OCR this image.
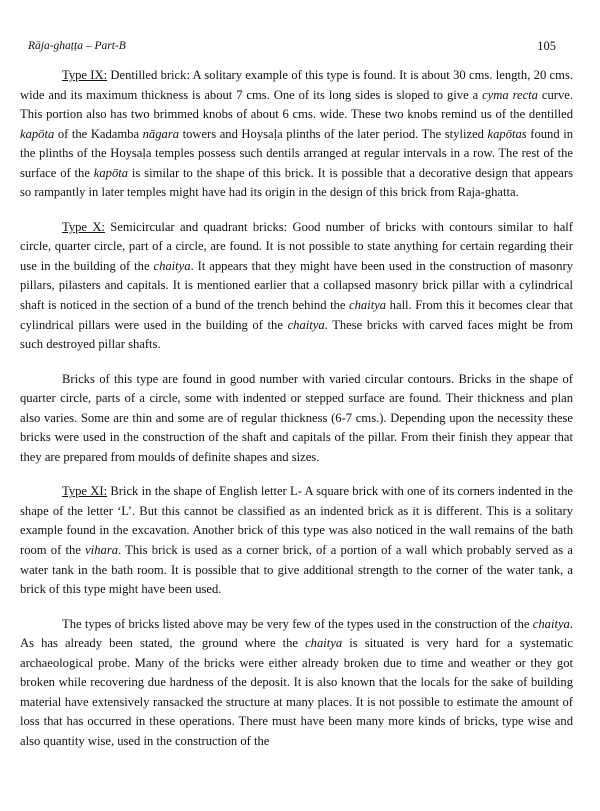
Rāja-ghaṭṭa – Part-B	105

Type IX: Dentilled brick: A solitary example of this type is found. It is about 30 cms. length, 20 cms. wide and its maximum thickness is about 7 cms. One of its long sides is sloped to give a cyma recta curve. This portion also has two brimmed knobs of about 6 cms. wide. These two knobs remind us of the dentilled kapōta of the Kadamba nāgara towers and Hoysaḷa plinths of the later period. The stylized kapōtas found in the plinths of the Hoysaḷa temples possess such dentils arranged at regular intervals in a row. The rest of the surface of the kapōta is similar to the shape of this brick. It is possible that a decorative design that appears so rampantly in later temples might have had its origin in the design of this brick from Raja-ghatta.

Type X: Semicircular and quadrant bricks: Good number of bricks with contours similar to half circle, quarter circle, part of a circle, are found. It is not possible to state anything for certain regarding their use in the building of the chaitya. It appears that they might have been used in the construction of masonry pillars, pilasters and capitals. It is mentioned earlier that a collapsed masonry brick pillar with a cylindrical shaft is noticed in the section of a bund of the trench behind the chaitya hall. From this it becomes clear that cylindrical pillars were used in the building of the chaitya. These bricks with carved faces might be from such destroyed pillar shafts.

Bricks of this type are found in good number with varied circular contours. Bricks in the shape of quarter circle, parts of a circle, some with indented or stepped surface are found. Their thickness and plan also varies. Some are thin and some are of regular thickness (6-7 cms.). Depending upon the necessity these bricks were used in the construction of the shaft and capitals of the pillar. From their finish they appear that they are prepared from moulds of definite shapes and sizes.

Type XI: Brick in the shape of English letter L- A square brick with one of its corners indented in the shape of the letter ‘L’. But this cannot be classified as an indented brick as it is different. This is a solitary example found in the excavation. Another brick of this type was also noticed in the wall remains of the bath room of the vihara. This brick is used as a corner brick, of a portion of a wall which probably served as a water tank in the bath room. It is possible that to give additional strength to the corner of the water tank, a brick of this type might have been used.

The types of bricks listed above may be very few of the types used in the construction of the chaitya. As has already been stated, the ground where the chaitya is situated is very hard for a systematic archaeological probe. Many of the bricks were either already broken due to time and weather or they got broken while recovering due hardness of the deposit. It is also known that the locals for the sake of building material have extensively ransacked the structure at many places. It is not possible to estimate the amount of loss that has occurred in these operations. There must have been many more kinds of bricks, type wise and also quantity wise, used in the construction of the
